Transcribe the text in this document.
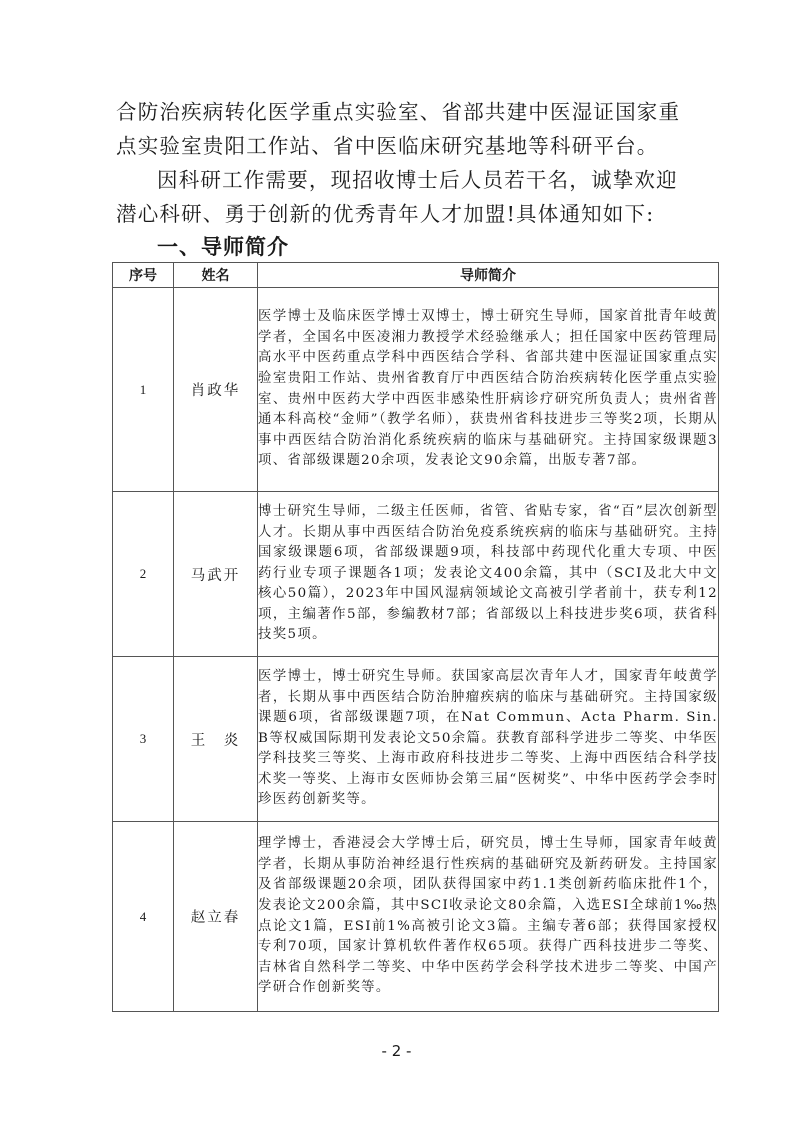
合防治疾病转化医学重点实验室、省部共建中医湿证国家重点实验室贵阳工作站、省中医临床研究基地等科研平台。

因科研工作需要，现招收博士后人员若干名，诚挚欢迎潜心科研、勇于创新的优秀青年人才加盟!具体通知如下:

一、导师简介
序号	姓名	导师简介
1	肖政华	医学博士及临床医学博士双博士，博士研究生导师，国家首批青年岐黄学者，全国名中医凌湘力教授学术经验继承人；担任国家中医药管理局高水平中医药重点学科中西医结合学科、省部共建中医湿证国家重点实验室贵阳工作站、贵州省教育厅中西医结合防治疾病转化医学重点实验室、贵州中医药大学中西医非感染性肝病诊疗研究所负责人；贵州省普通本科高校“金师”（教学名师），获贵州省科技进步三等奖2项，长期从事中西医结合防治消化系统疾病的临床与基础研究。主持国家级课题3项、省部级课题20余项，发表论文90余篇，出版专著7部。
2	马武开	博士研究生导师，二级主任医师，省管、省贴专家，省“百”层次创新型人才。长期从事中西医结合防治免疫系统疾病的临床与基础研究。主持国家级课题6项，省部级课题9项，科技部中药现代化重大专项、中医药行业专项子课题各1项；发表论文400余篇，其中（SCI及北大中文核心50篇），2023年中国风湿病领域论文高被引学者前十，获专利12项，主编著作5部，参编教材7部；省部级以上科技进步奖6项，获省科技奖5项。
3	王　炎	医学博士，博士研究生导师。获国家高层次青年人才，国家青年岐黄学者，长期从事中西医结合防治肿瘤疾病的临床与基础研究。主持国家级课题6项，省部级课题7项，在Nat Commun、Acta Pharm. Sin. B等权威国际期刊发表论文50余篇。获教育部科学进步二等奖、中华医学科技奖三等奖、上海市政府科技进步二等奖、上海中西医结合科学技术奖一等奖、上海市女医师协会第三届“医树奖”、中华中医药学会李时珍医药创新奖等。
4	赵立春	理学博士，香港浸会大学博士后，研究员，博士生导师，国家青年岐黄学者，长期从事防治神经退行性疾病的基础研究及新药研发。主持国家及省部级课题20余项，团队获得国家中药1.1类创新药临床批件1个，发表论文200余篇，其中SCI收录论文80余篇，入选ESI全球前1‰热点论文1篇，ESI前1%高被引论文3篇。主编专著6部；获得国家授权专利70项，国家计算机软件著作权65项。获得广西科技进步二等奖、吉林省自然科学二等奖、中华中医药学会科学技术进步二等奖、中国产学研合作创新奖等。
- 2 -
